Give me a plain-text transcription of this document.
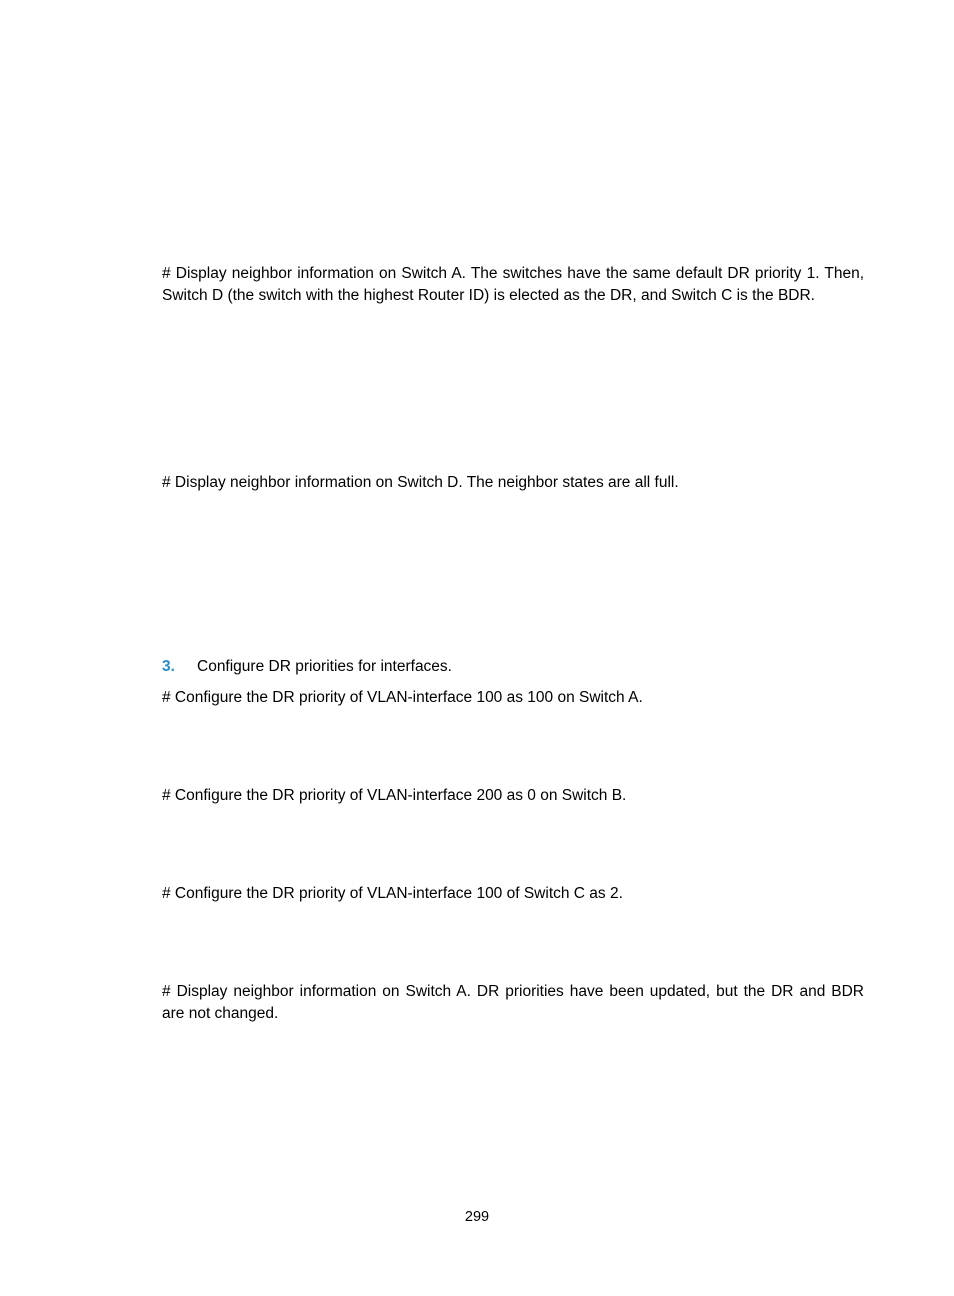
# Display neighbor information on Switch A. The switches have the same default DR priority 1. Then, Switch D (the switch with the highest Router ID) is elected as the DR, and Switch C is the BDR.

# Display neighbor information on Switch D. The neighbor states are all full.

3. Configure DR priorities for interfaces.

# Configure the DR priority of VLAN-interface 100 as 100 on Switch A.

# Configure the DR priority of VLAN-interface 200 as 0 on Switch B.

# Configure the DR priority of VLAN-interface 100 of Switch C as 2.

# Display neighbor information on Switch A. DR priorities have been updated, but the DR and BDR are not changed.

299
